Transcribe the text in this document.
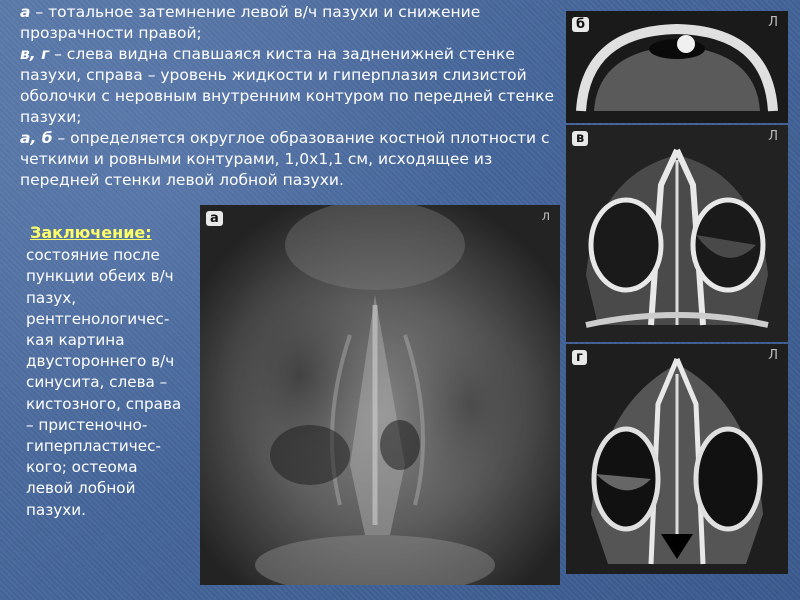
а – тотальное затемнение левой в/ч пазухи и снижение прозрачности правой;

в, г – слева видна спавшаяся киста на задненижней стенке пазухи, справа – уровень жидкости и гиперплазия слизистой оболочки с неровным внутренним контуром по передней стенке пазухи;

а, б – определяется округлое образование костной плотности с четкими и ровными контурами, 1,0х1,1 см, исходящее из передней стенки левой лобной пазухи.

Заключение:
состояние после пункции обеих в/ч пазух, рентгенологичес-кая картина двустороннего в/ч синусита, слева – кистозного, справа – пристеночно-гиперпластичес-кого; остеома левой лобной пазухи.
а	л
б	Л
в	Л
г	Л
